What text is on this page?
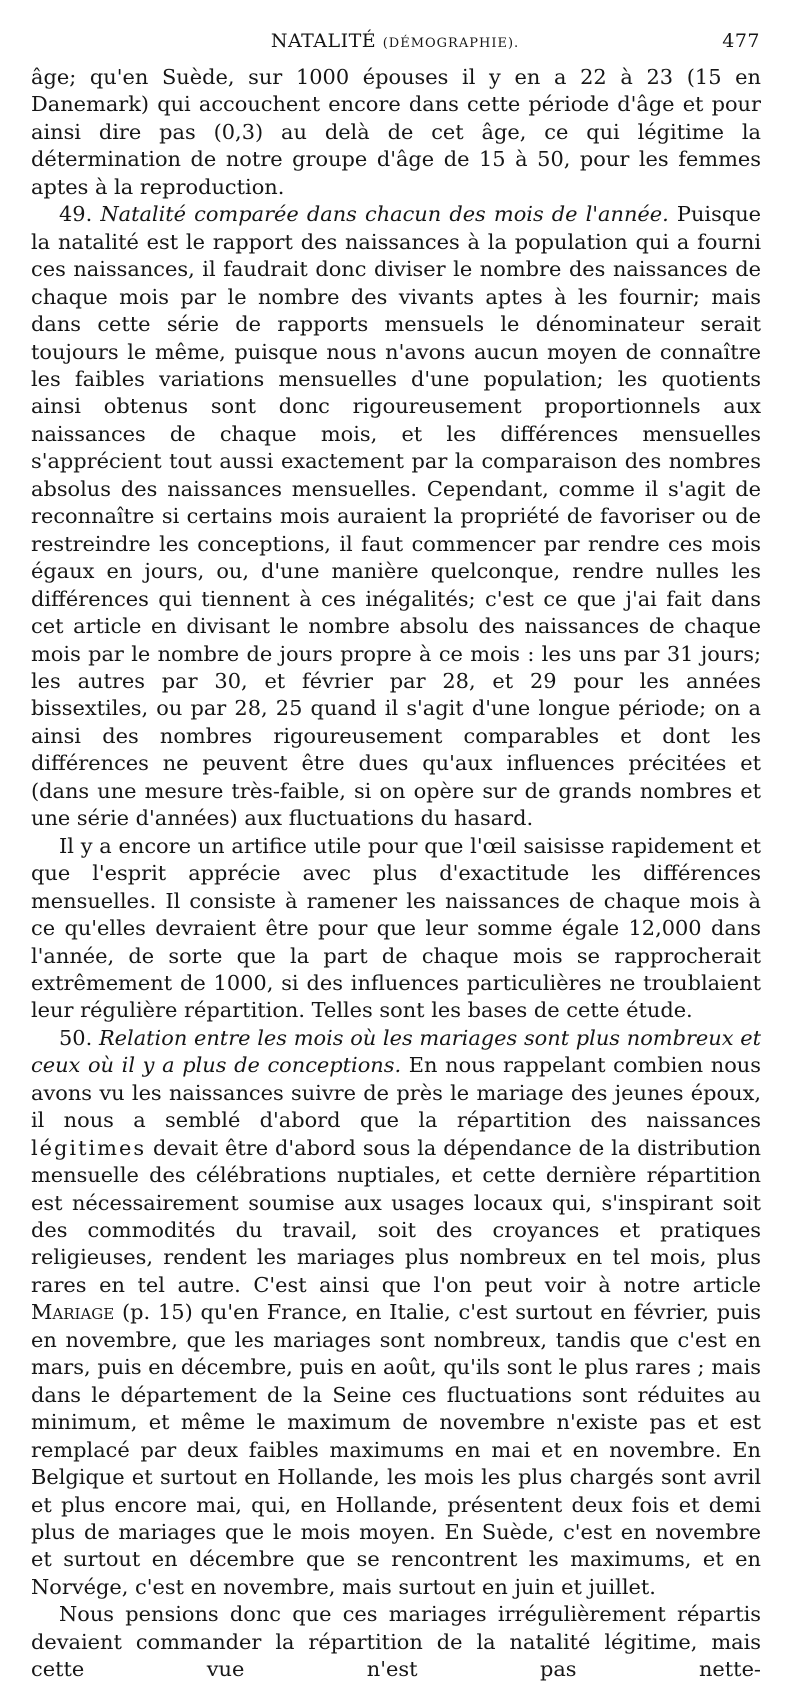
NATALITÉ (DÉMOGRAPHIE).	477

âge; qu'en Suède, sur 1000 épouses il y en a 22 à 23 (15 en Danemark) qui accouchent encore dans cette période d'âge et pour ainsi dire pas (0,3) au delà de cet âge, ce qui légitime la détermination de notre groupe d'âge de 15 à 50, pour les femmes aptes à la reproduction.

49. Natalité comparée dans chacun des mois de l'année. Puisque la natalité est le rapport des naissances à la population qui a fourni ces naissances, il faudrait donc diviser le nombre des naissances de chaque mois par le nombre des vivants aptes à les fournir; mais dans cette série de rapports mensuels le dénominateur serait toujours le même, puisque nous n'avons aucun moyen de connaître les faibles variations mensuelles d'une population; les quotients ainsi obtenus sont donc rigoureusement proportionnels aux naissances de chaque mois, et les différences mensuelles s'apprécient tout aussi exactement par la comparaison des nombres absolus des naissances mensuelles. Cependant, comme il s'agit de reconnaître si certains mois auraient la propriété de favoriser ou de restreindre les conceptions, il faut commencer par rendre ces mois égaux en jours, ou, d'une manière quelconque, rendre nulles les différences qui tiennent à ces inégalités; c'est ce que j'ai fait dans cet article en divisant le nombre absolu des naissances de chaque mois par le nombre de jours propre à ce mois : les uns par 31 jours; les autres par 30, et février par 28, et 29 pour les années bissextiles, ou par 28, 25 quand il s'agit d'une longue période; on a ainsi des nombres rigoureusement comparables et dont les différences ne peuvent être dues qu'aux influences précitées et (dans une mesure très-faible, si on opère sur de grands nombres et une série d'années) aux fluctuations du hasard.

Il y a encore un artifice utile pour que l'œil saisisse rapidement et que l'esprit apprécie avec plus d'exactitude les différences mensuelles. Il consiste à ramener les naissances de chaque mois à ce qu'elles devraient être pour que leur somme égale 12,000 dans l'année, de sorte que la part de chaque mois se rapprocherait extrêmement de 1000, si des influences particulières ne troublaient leur régulière répartition. Telles sont les bases de cette étude.

50. Relation entre les mois où les mariages sont plus nombreux et ceux où il y a plus de conceptions. En nous rappelant combien nous avons vu les naissances suivre de près le mariage des jeunes époux, il nous a semblé d'abord que la répartition des naissances légitimes devait être d'abord sous la dépendance de la distribution mensuelle des célébrations nuptiales, et cette dernière répartition est nécessairement soumise aux usages locaux qui, s'inspirant soit des commodités du travail, soit des croyances et pratiques religieuses, rendent les mariages plus nombreux en tel mois, plus rares en tel autre. C'est ainsi que l'on peut voir à notre article Mariage (p. 15) qu'en France, en Italie, c'est surtout en février, puis en novembre, que les mariages sont nombreux, tandis que c'est en mars, puis en décembre, puis en août, qu'ils sont le plus rares ; mais dans le département de la Seine ces fluctuations sont réduites au minimum, et même le maximum de novembre n'existe pas et est remplacé par deux faibles maximums en mai et en novembre. En Belgique et surtout en Hollande, les mois les plus chargés sont avril et plus encore mai, qui, en Hollande, présentent deux fois et demi plus de mariages que le mois moyen. En Suède, c'est en novembre et surtout en décembre que se rencontrent les maximums, et en Norvége, c'est en novembre, mais surtout en juin et juillet.

Nous pensions donc que ces mariages irrégulièrement répartis devaient commander la répartition de la natalité légitime, mais cette vue n'est pas nette-
